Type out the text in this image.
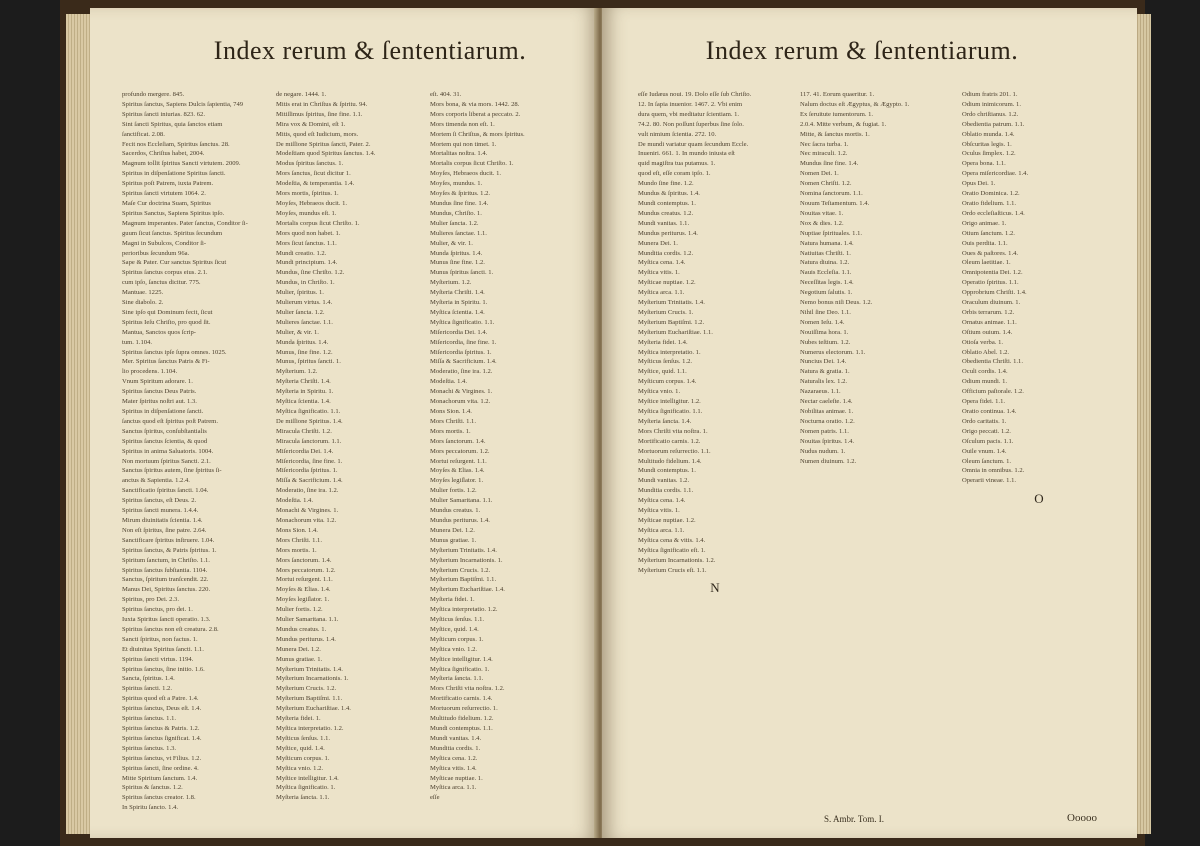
Index rerum & ſententiarum.
profundo mergere. 845.
Spiritus ſanctus, Sapiens Dulcis ſapientia, 749
Spiritus ſancti iniurias. 823. 62.
Sint ſancti Spiritus, quia ſanctos etiam
ſanctificat. 2.08.
Fecit nos Eccleſiam, Spiritus ſanctus. 28.
Sacerdos, Chriſtus habet, 2004.
Magnum tollit ſpiritus Sancti virtutem. 2009.
Spiritus in diſpenſatione Spiritus ſancti.
Spiritus poſt Patrem, iuxta Patrem.
Spiritus ſancti virtutem 1064. 2.
Maſe Cur doctrina Suam, Spiritus
Spiritus Sanctus, Sapiens Spiritus ipſo.
Magnum imperantes. Pater ſanctus, Conditor ſi-
guum ſicut ſanctus. Spiritus ſecundum
Magni in Subulcos, Conditor ſi-
perioribus ſecundum 96a.
Sape & Pater. Cur sanctus Spiritus ſicut
Spiritus ſanctus corpus eius. 2.1.
cum ipſo, ſanctus dicitur. 775.
Mantuae. 1225.
Sine diabolo. 2.
Sine ipſo qui Dominum fecit, ſicut
Spiritus Ieſu Chriſto, pro quod ſit.
Mantua, Sanctos quos ſcrip-
tum. 1.104.
Spiritus ſanctus ipſe ſupra omnes. 1025.
Mer. Spiritus ſanctus Patris & Fi-
lio procedens. 1.104.
Vnum Spiritum adorare. 1.
Spiritus ſanctus Deus Patris.
Mater ſpiritus noſtri aut. 1.3.
Spiritus in diſpenſatione ſancti.
ſanctus quod eſt ſpiritus poſt Patrem.
Sanctus ſpiritus, conſubſtantialis
Spiritus ſanctus ſcientia, & quod
Spiritus in anima Saluatoris. 1004.
Non mortuum ſpiritus Sancti. 2.1.
Sanctus ſpiritus autem, ſine ſpiritus ſi-
anctus & Sapientia. 1.2.4.
Sanctificatio ſpiritus ſancti. 1.04.
Spiritus ſanctus, eſt Deus. 2.
Spiritus ſancti munera. 1.4.4.
Mirum diuinitatis ſcientia. 1.4.
Non eſt ſpiritus, ſine patre. 2.64.
Sanctificare ſpiritus inſtruere. 1.04.
Spiritus ſanctus, & Patris ſpiritus. 1.
Spiritum ſanctum, in Chriſto. 1.1.
Spiritus ſanctus ſubſtantia. 1104.
Sanctus, ſpiritum tranſcendit. 22.
Manus Dei, Spiritus ſanctus. 220.
Spiritus, pro Dei. 2.3.
Spiritus ſanctus, pro dei. 1.
Iuxta Spiritus ſancti operatio. 1.3.
Spiritus ſanctus non eſt creatura. 2.8.
Sancti ſpiritus, non factus. 1.
Et diuinitas Spiritus ſancti. 1.1.
Spiritus ſancti virtus. 1194.
Spiritus ſanctus, ſine initio. 1.6.
Sancta, ſpiritus. 1.4.
Spiritus ſancti. 1.2.
Spiritus quod eſt a Patre. 1.4.
Spiritus ſanctus, Deus eſt. 1.4.
Spiritus ſanctus. 1.1.
Spiritus ſanctus & Patris. 1.2.
Spiritus ſanctus ſignificat. 1.4.
Spiritus ſanctus. 1.3.
Spiritus ſanctus, vt Filius. 1.2.
Spiritus ſancti, ſine ordine. 4.
Mitte Spiritum ſanctum. 1.4.
Spiritus & ſanctus. 1.2.
Spiritus ſanctus creator. 1.8.
In Spiritu ſancto. 1.4.
de negare. 1444. 1.
Mitis erat in Chriſtus & ſpiritu. 94.
Mitiſſimus ſpiritus, ſine fine. 1.1.
Mira vox & Domini, eſt 1.
Mitis, quod eſt Iudicium, mors.
De miſſione Spiritus ſancti, Pater. 2.
Modeſtiam quod Spiritus ſanctus. 1.4.
Modus ſpiritus ſanctus. 1.
Mors ſanctus, ſicut dicitur 1.
Modeſtia, & temperantia. 1.4.
Mors mortis, ſpiritus. 1.
Moyſes, Hebraeos ducit. 1.
Moyſes, mundus eſt. 1.
Mortalis corpus ſicut Chriſto. 1.
Mors quod non habet. 1.
Mors ſicut ſanctus. 1.1.
Mundi creatio. 1.2.
Mundi principium. 1.4.
Mundus, ſine Chriſto. 1.2.
Mundus, in Chriſto. 1.
Mulier, ſpiritus. 1.
Mulierum virtus. 1.4.
Mulier ſancta. 1.2.
Mulieres ſanctae. 1.1.
Mulier, & vir. 1.
Munda ſpiritus. 1.4.
Munus, ſine fine. 1.2.
Munus, ſpiritus ſancti. 1.
Myſterium. 1.2.
Myſteria Chriſti. 1.4.
Myſteria in Spiritu. 1.
Myſtica ſcientia. 1.4.
Myſtica ſignificatio. 1.1.
De miſſione Spiritus. 1.4.
Miracula Chriſti. 1.2.
Miracula ſanctorum. 1.1.
Miſericordia Dei. 1.4.
Miſericordia, ſine fine. 1.
Miſericordia ſpiritus. 1.
Miſſa & Sacrificium. 1.4.
Moderatio, ſine ira. 1.2.
Modeſtia. 1.4.
Monachi & Virgines. 1.
Monachorum vita. 1.2.
Mons Sion. 1.4.
Mors Chriſti. 1.1.
Mors mortis. 1.
Mors ſanctorum. 1.4.
Mors peccatorum. 1.2.
Mortui reſurgent. 1.1.
Moyſes & Elias. 1.4.
Moyſes legiſlator. 1.
Mulier fortis. 1.2.
Mulier Samaritana. 1.1.
Mundus creatus. 1.
Mundus periturus. 1.4.
Munera Dei. 1.2.
Munus gratiae. 1.
Myſterium Trinitatis. 1.4.
Myſterium Incarnationis. 1.
Myſterium Crucis. 1.2.
Myſterium Baptiſmi. 1.1.
Myſterium Euchariſtiae. 1.4.
Myſteria fidei. 1.
Myſtica interpretatio. 1.2.
Myſticus ſenſus. 1.1.
Myſtice, quid. 1.4.
Myſticum corpus. 1.
Myſtica vnio. 1.2.
Myſtice intelligitur. 1.4.
Myſtica ſignificatio. 1.
Myſteria ſancta. 1.1.
eſt. 404. 31.
Mors bona, & via mors. 1442. 28.
Mors corporis liberat a peccato. 2.
Mors timenda non eſt. 1.
Mortem ſi Chriſtus, & mors ſpiritus.
Mortem qui non timet. 1.
Mortalitas noſtra. 1.4.
Mortalis corpus ſicut Chriſto. 1.
Moyſes, Hebraeos ducit. 1.
Moyſes, mundus. 1.
Moyſes & ſpiritus. 1.2.
Mundus ſine fine. 1.4.
Mundus, Chriſto. 1.
Mulier ſancta. 1.2.
Mulieres ſanctae. 1.1.
Mulier, & vir. 1.
Munda ſpiritus. 1.4.
Munus ſine fine. 1.2.
Munus ſpiritus ſancti. 1.
Myſterium. 1.2.
Myſteria Chriſti. 1.4.
Myſteria in Spiritu. 1.
Myſtica ſcientia. 1.4.
Myſtica ſignificatio. 1.1.
Miſericordia Dei. 1.4.
Miſericordia, ſine fine. 1.
Miſericordia ſpiritus. 1.
Miſſa & Sacrificium. 1.4.
Moderatio, ſine ira. 1.2.
Modeſtia. 1.4.
Monachi & Virgines. 1.
Monachorum vita. 1.2.
Mons Sion. 1.4.
Mors Chriſti. 1.1.
Mors mortis. 1.
Mors ſanctorum. 1.4.
Mors peccatorum. 1.2.
Mortui reſurgent. 1.1.
Moyſes & Elias. 1.4.
Moyſes legiſlator. 1.
Mulier fortis. 1.2.
Mulier Samaritana. 1.1.
Mundus creatus. 1.
Mundus periturus. 1.4.
Munera Dei. 1.2.
Munus gratiae. 1.
Myſterium Trinitatis. 1.4.
Myſterium Incarnationis. 1.
Myſterium Crucis. 1.2.
Myſterium Baptiſmi. 1.1.
Myſterium Euchariſtiae. 1.4.
Myſteria fidei. 1.
Myſtica interpretatio. 1.2.
Myſticus ſenſus. 1.1.
Myſtice, quid. 1.4.
Myſticum corpus. 1.
Myſtica vnio. 1.2.
Myſtice intelligitur. 1.4.
Myſtica ſignificatio. 1.
Myſteria ſancta. 1.1.
Mors Chriſti vita noſtra. 1.2.
Mortificatio carnis. 1.4.
Mortuorum reſurrectio. 1.
Multitudo fidelium. 1.2.
Mundi contemptus. 1.1.
Mundi vanitas. 1.4.
Munditia cordis. 1.
Myſtica cena. 1.2.
Myſtica vitis. 1.4.
Myſticae nuptiae. 1.
Myſtica arca. 1.1.
eſſe
Index rerum & ſententiarum.
eſſe Iudæus noui. 19. Dolo eſſe ſub Chriſto.
12. In ſapia inuenior. 1467. 2. Vbi enim
dura quem, vbi meditatur ſcientiam. 1.
74.2. 80. Non poſſunt ſuperbus ſine ſolo.
vult nimium ſcientia. 272. 10.
De mundi variatur quam ſecundum Eccle.
Inueniri. 661. 1. In mundo iniusta eſt
quid magiſtra tua putamus. 1.
quod eſt, eſſe coram ipſo. 1.
Mundo ſine fine. 1.2.
Mundus & ſpiritus. 1.4.
Mundi contemptus. 1.
Mundus creatus. 1.2.
Mundi vanitas. 1.1.
Mundus periturus. 1.4.
Munera Dei. 1.
Munditia cordis. 1.2.
Myſtica cena. 1.4.
Myſtica vitis. 1.
Myſticae nuptiae. 1.2.
Myſtica arca. 1.1.
Myſterium Trinitatis. 1.4.
Myſterium Crucis. 1.
Myſterium Baptiſmi. 1.2.
Myſterium Euchariſtiae. 1.1.
Myſteria fidei. 1.4.
Myſtica interpretatio. 1.
Myſticus ſenſus. 1.2.
Myſtice, quid. 1.1.
Myſticum corpus. 1.4.
Myſtica vnio. 1.
Myſtice intelligitur. 1.2.
Myſtica ſignificatio. 1.1.
Myſteria ſancta. 1.4.
Mors Chriſti vita noſtra. 1.
Mortificatio carnis. 1.2.
Mortuorum reſurrectio. 1.1.
Multitudo fidelium. 1.4.
Mundi contemptus. 1.
Mundi vanitas. 1.2.
Munditia cordis. 1.1.
Myſtica cena. 1.4.
Myſtica vitis. 1.
Myſticae nuptiae. 1.2.
Myſtica arca. 1.1.
Myſtica cena & vitis. 1.4.
Myſtica ſignificatio eſt. 1.
Myſterium Incarnationis. 1.2.
Myſterium Crucis eſt. 1.1.
N
117. 41. Eorum quaeritur. 1.
Nalum doctus eſt Ægyptus, & Ægypto. 1.
Ex ſeruitute iumentorum. 1.
2.0.4. Mitte verbum, & fugiat. 1.
Mitte, & ſanctus mortis. 1.
Nec ſacra turba. 1.
Nec miraculi. 1.2.
Mundus ſine fine. 1.4.
Nomen Dei. 1.
Nomen Chriſti. 1.2.
Nomina ſanctorum. 1.1.
Nouum Teſtamentum. 1.4.
Nouitas vitae. 1.
Nox & dies. 1.2.
Nuptiae ſpirituales. 1.1.
Natura humana. 1.4.
Natiuitas Chriſti. 1.
Natura diuina. 1.2.
Nauis Eccleſia. 1.1.
Neceſſitas legis. 1.4.
Negotium ſalutis. 1.
Nemo bonus niſi Deus. 1.2.
Nihil ſine Deo. 1.1.
Nomen Ieſu. 1.4.
Nouiſſima hora. 1.
Nubes teſtium. 1.2.
Numerus electorum. 1.1.
Nuncius Dei. 1.4.
Natura & gratia. 1.
Naturalis lex. 1.2.
Nazaraeus. 1.1.
Nectar caeleſte. 1.4.
Nobilitas animae. 1.
Nocturna oratio. 1.2.
Nomen patris. 1.1.
Nouitas ſpiritus. 1.4.
Nudus nudum. 1.
Numen diuinum. 1.2.
Odium fratris 201. 1.
Odium inimicorum. 1.
Ordo chriſtianus. 1.2.
Obedientia patrum. 1.1.
Oblatio munda. 1.4.
Obſcuritas legis. 1.
Oculus ſimplex. 1.2.
Opera bona. 1.1.
Opera miſericordiae. 1.4.
Opus Dei. 1.
Oratio Dominica. 1.2.
Oratio fidelium. 1.1.
Ordo eccleſiaſticus. 1.4.
Origo animae. 1.
Otium ſanctum. 1.2.
Ouis perdita. 1.1.
Oues & paſtores. 1.4.
Oleum laetitiae. 1.
Omnipotentia Dei. 1.2.
Operatio ſpiritus. 1.1.
Opprobrium Chriſti. 1.4.
Oraculum diuinum. 1.
Orbis terrarum. 1.2.
Ornatus animae. 1.1.
Oſtium ouium. 1.4.
Otioſa verba. 1.
Oblatio Abel. 1.2.
Obedientia Chriſti. 1.1.
Oculi cordis. 1.4.
Odium mundi. 1.
Officium paſtorale. 1.2.
Opera fidei. 1.1.
Oratio continua. 1.4.
Ordo caritatis. 1.
Origo peccati. 1.2.
Oſculum pacis. 1.1.
Ouile vnum. 1.4.
Oleum ſanctum. 1.
Omnia in omnibus. 1.2.
Operarii vineae. 1.1.
O
S. Ambr. Tom. I.	Ooooo
